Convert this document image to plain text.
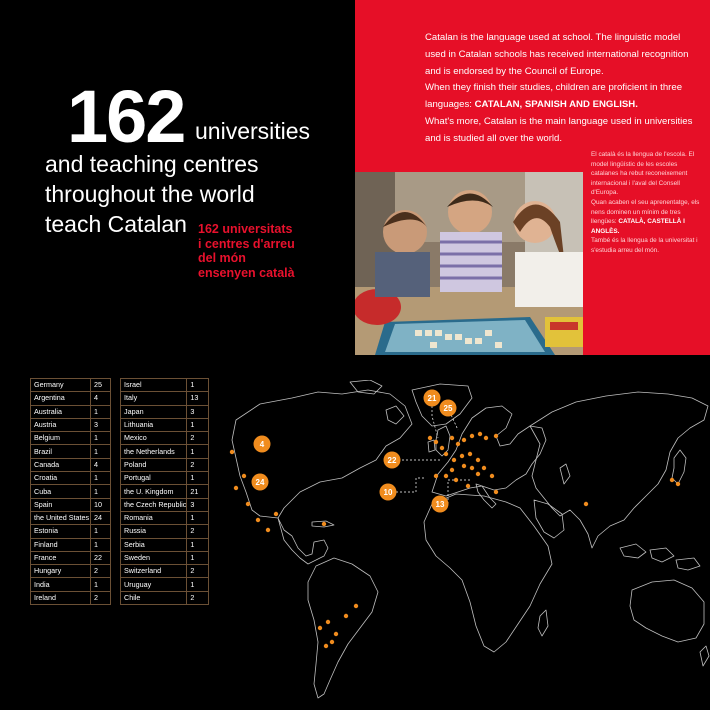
162 universities
and teaching centres
throughout the world
teach Catalan 162 universitats
i centres d'arreu
del món
ensenyen català

Catalan is the language used at school. The linguistic model used in Catalan schools has received international recognition and is endorsed by the Council of Europe.

When they finish their studies, children are proficient in three languages: CATALAN, SPANISH AND ENGLISH.

What's more, Catalan is the main language used in universities and is studied all over the world.

El català és la llengua de l'escola. El model lingüístic de les escoles catalanes ha rebut reconeixement internacional i l'aval del Consell d'Europa.

Quan acaben el seu aprenentatge, els nens dominen un mínim de tres llengües: CATALÀ, CASTELLÀ I ANGLÈS.

També és la llengua de la universitat i s'estudia arreu del món.

Germany	25
Argentina	4
Australia	1
Austria	3
Belgium	1
Brazil	1
Canada	4
Croatia	1
Cuba	1
Spain	10
the United States	24
Estonia	1
Finland	1
France	22
Hungary	2
India	1
Ireland	2
Israel	1
Italy	13
Japan	3
Lithuania	1
Mexico	2
the Netherlands	1
Poland	2
Portugal	1
the U. Kingdom	21
the Czech Republic	3
Romania	1
Russia	2
Serbia	1
Sweden	1
Switzerland	2
Uruguay	1
Chile	2
4
24
21
25
22
10
13
